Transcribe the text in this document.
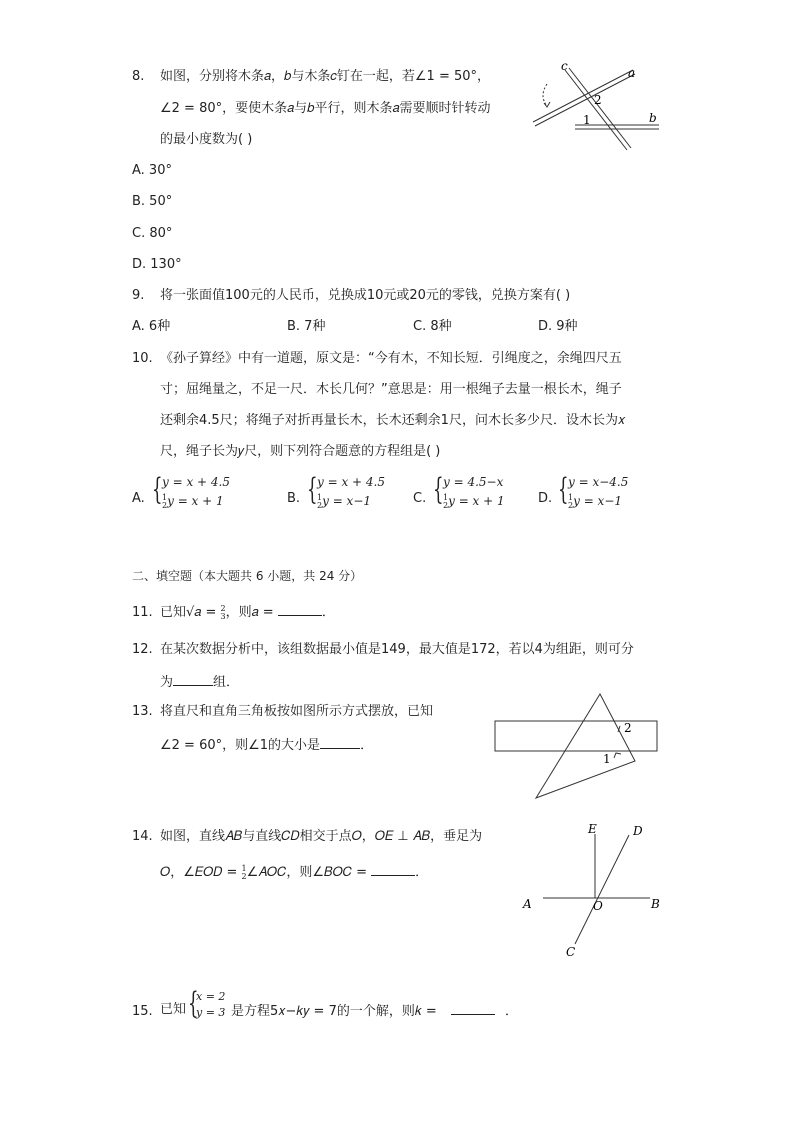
8. 如图，分别将木条𝑎，𝑏与木条𝑐钉在一起，若∠1 = 50°，
∠2 = 80°，要使木条𝑎与𝑏平行，则木条𝑎需要顺时针转动
的最小度数为( )
c	a
b
2
1
A. 30°
B. 50°
C. 80°
D. 130°
9. 将一张面值100元的人民币，兑换成10元或20元的零钱，兑换方案有( )
A. 6种	B. 7种	C. 8种	D. 9种
10. 《孙子算经》中有一道题，原文是：“今有木，不知长短．引绳度之，余绳四尺五
寸；屈绳量之，不足一尺．木长几何？”意思是：用一根绳子去量一根长木，绳子
还剩余4.5尺；将绳子对折再量长木，长木还剩余1尺，问木长多少尺．设木长为𝑥
尺，绳子长为𝑦尺，则下列符合题意的方程组是( )
A. { y = x + 4.5
1
2y = x + 1	B. { y = x + 4.5
1
2y = x−1	C. { y = 4.5−x
1
2y = x + 1	D. { y = x−4.5
1
2y = x−1
二、填空题（本大题共 6 小题，共 24 分）
11. 已知√𝑎 = 2
3，则𝑎 =	．
12. 在某次数据分析中，该组数据最小值是149，最大值是172，若以4为组距，则可分
为	组．
13. 将直尺和直角三角板按如图所示方式摆放，已知
∠2 = 60°，则∠1的大小是	．
2
1
14. 如图，直线𝐴𝐵与直线𝐶𝐷相交于点𝑂，𝑂𝐸 ⊥ 𝐴𝐵，垂足为
𝑂，∠𝐸𝑂𝐷 = 1
2∠𝐴𝑂𝐶，则∠𝐵𝑂𝐶 =	．
E	D
A	O	B
C
15. 已知 {
x = 2
y = 3 是方程5𝑥−𝑘𝑦 = 7的一个解，则𝑘 =	．
